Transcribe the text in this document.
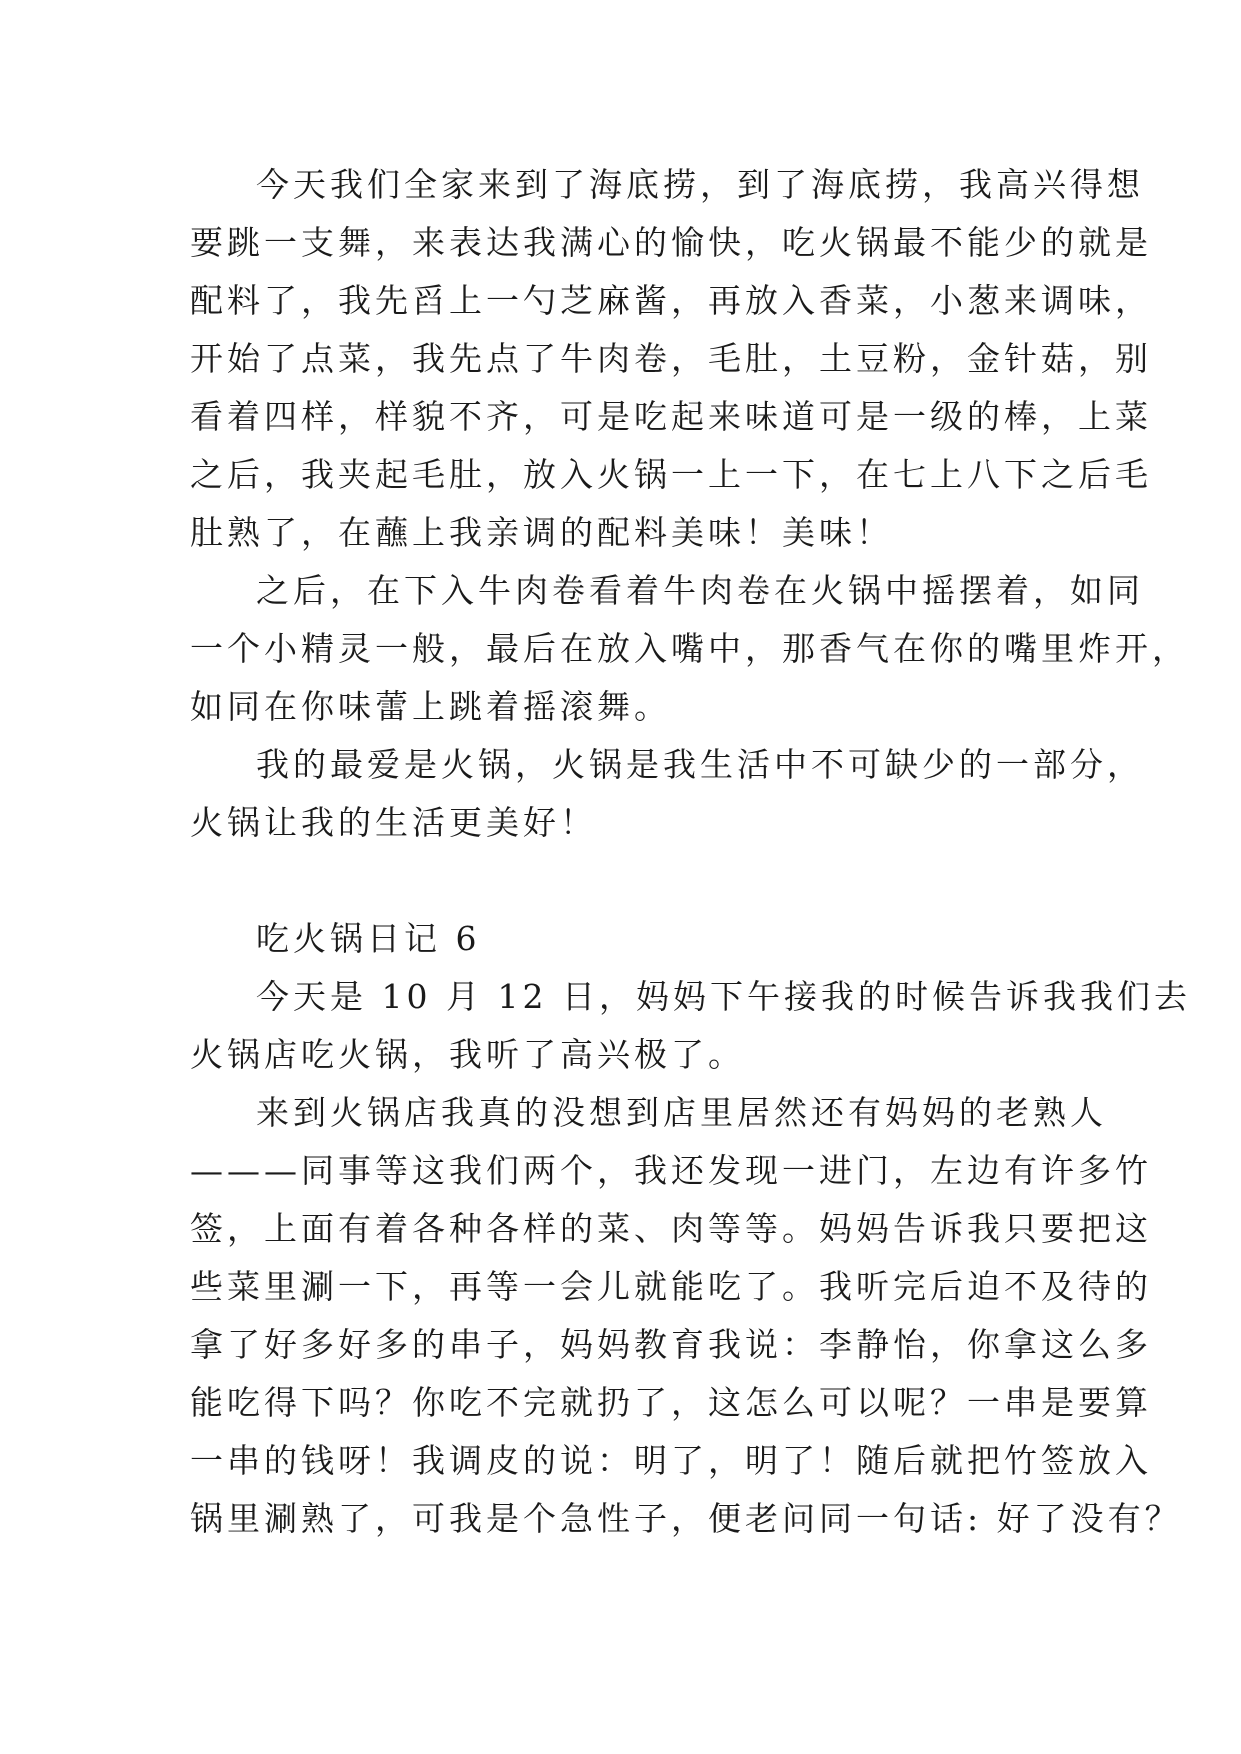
今天我们全家来到了海底捞，到了海底捞，我高兴得想
要跳一支舞，来表达我满心的愉快，吃火锅最不能少的就是
配料了，我先舀上一勺芝麻酱，再放入香菜，小葱来调味，
开始了点菜，我先点了牛肉卷，毛肚，土豆粉，金针菇，别
看着四样，样貌不齐，可是吃起来味道可是一级的棒，上菜
之后，我夹起毛肚，放入火锅一上一下，在七上八下之后毛
肚熟了，在蘸上我亲调的配料美味！美味！
之后，在下入牛肉卷看着牛肉卷在火锅中摇摆着，如同
一个小精灵一般，最后在放入嘴中，那香气在你的嘴里炸开，
如同在你味蕾上跳着摇滚舞。
我的最爱是火锅，火锅是我生活中不可缺少的一部分，
火锅让我的生活更美好！
吃火锅日记 6
今天是 10 月 12 日，妈妈下午接我的时候告诉我我们去
火锅店吃火锅，我听了高兴极了。
来到火锅店我真的没想到店里居然还有妈妈的老熟人
———同事等这我们两个，我还发现一进门，左边有许多竹
签，上面有着各种各样的菜、肉等等。妈妈告诉我只要把这
些菜里涮一下，再等一会儿就能吃了。我听完后迫不及待的
拿了好多好多的串子，妈妈教育我说：李静怡，你拿这么多
能吃得下吗？你吃不完就扔了，这怎么可以呢？一串是要算
一串的钱呀！我调皮的说：明了，明了！随后就把竹签放入
锅里涮熟了，可我是个急性子，便老问同一句话: 好了没有？
